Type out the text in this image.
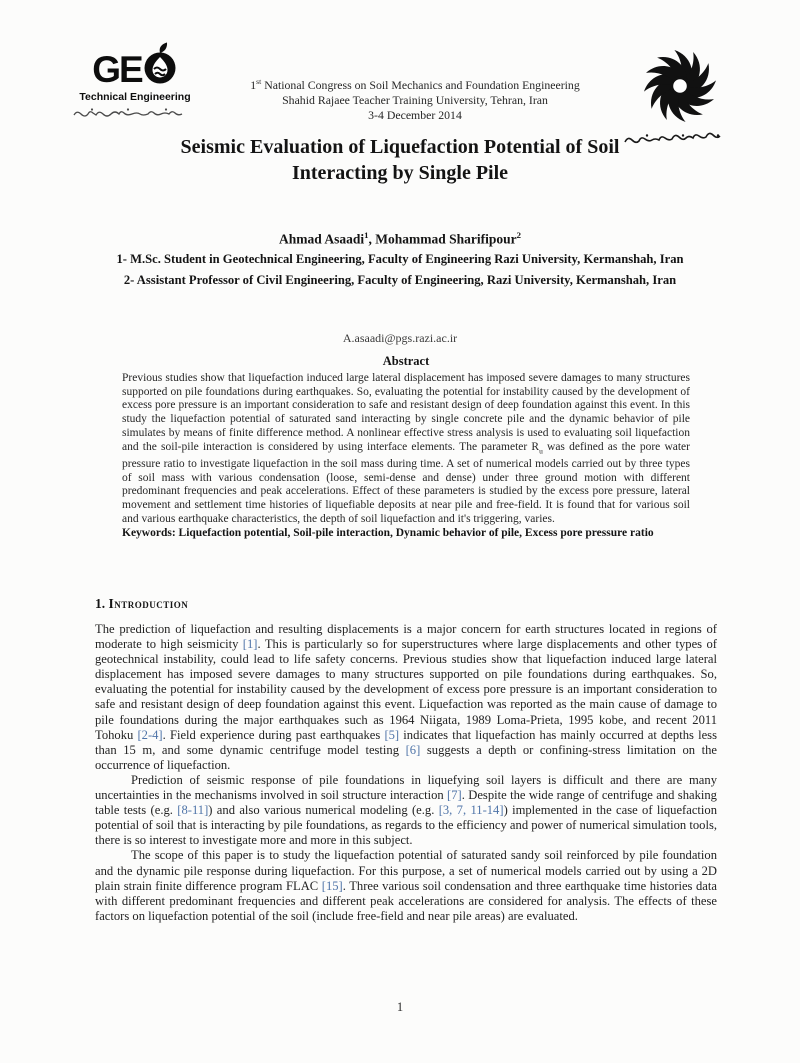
GE
Technical Engineering
1st National Congress on Soil Mechanics and Foundation Engineering
Shahid Rajaee Teacher Training University, Tehran, Iran
3-4 December 2014
Seismic Evaluation of Liquefaction Potential of Soil Interacting by Single Pile
Ahmad Asaadi$^1$, Mohammad Sharifipour$^2$
1- M.Sc. Student in Geotechnical Engineering, Faculty of Engineering Razi University, Kermanshah, Iran
2- Assistant Professor of Civil Engineering, Faculty of Engineering, Razi University, Kermanshah, Iran
A.asaadi@pgs.razi.ac.ir
Abstract
Previous studies show that liquefaction induced large lateral displacement has imposed severe damages to many structures supported on pile foundations during earthquakes. So, evaluating the potential for instability caused by the development of excess pore pressure is an important consideration to safe and resistant design of deep foundation against this event. In this study the liquefaction potential of saturated sand interacting by single concrete pile and the dynamic behavior of pile simulates by means of finite difference method. A nonlinear effective stress analysis is used to evaluating soil liquefaction and the soil-pile interaction is considered by using interface elements. The parameter $R_u$ was defined as the pore water pressure ratio to investigate liquefaction in the soil mass during time. A set of numerical models carried out by three types of soil mass with various condensation (loose, semi-dense and dense) under three ground motion with different predominant frequencies and peak accelerations. Effect of these parameters is studied by the excess pore pressure, lateral movement and settlement time histories of liquefiable deposits at near pile and free-field. It is found that for various soil and various earthquake characteristics, the depth of soil liquefaction and it's triggering, varies.
Keywords: Liquefaction potential, Soil-pile interaction, Dynamic behavior of pile, Excess pore pressure ratio
1. Introduction

The prediction of liquefaction and resulting displacements is a major concern for earth structures located in regions of moderate to high seismicity [1]. This is particularly so for superstructures where large displacements and other types of geotechnical instability, could lead to life safety concerns. Previous studies show that liquefaction induced large lateral displacement has imposed severe damages to many structures supported on pile foundations during earthquakes. So, evaluating the potential for instability caused by the development of excess pore pressure is an important consideration to safe and resistant design of deep foundation against this event. Liquefaction was reported as the main cause of damage to pile foundations during the major earthquakes such as 1964 Niigata, 1989 Loma-Prieta, 1995 kobe, and recent 2011 Tohoku [2-4]. Field experience during past earthquakes [5] indicates that liquefaction has mainly occurred at depths less than 15 m, and some dynamic centrifuge model testing [6] suggests a depth or confining-stress limitation on the occurrence of liquefaction.

Prediction of seismic response of pile foundations in liquefying soil layers is difficult and there are many uncertainties in the mechanisms involved in soil structure interaction [7]. Despite the wide range of centrifuge and shaking table tests (e.g. [8-11]) and also various numerical modeling (e.g. [3, 7, 11-14]) implemented in the case of liquefaction potential of soil that is interacting by pile foundations, as regards to the efficiency and power of numerical simulation tools, there is so interest to investigate more and more in this subject.

The scope of this paper is to study the liquefaction potential of saturated sandy soil reinforced by pile foundation and the dynamic pile response during liquefaction. For this purpose, a set of numerical models carried out by using a 2D plain strain finite difference program FLAC [15]. Three various soil condensation and three earthquake time histories data with different predominant frequencies and different peak accelerations are considered for analysis. The effects of these factors on liquefaction potential of the soil (include free-field and near pile areas) are evaluated.

1
